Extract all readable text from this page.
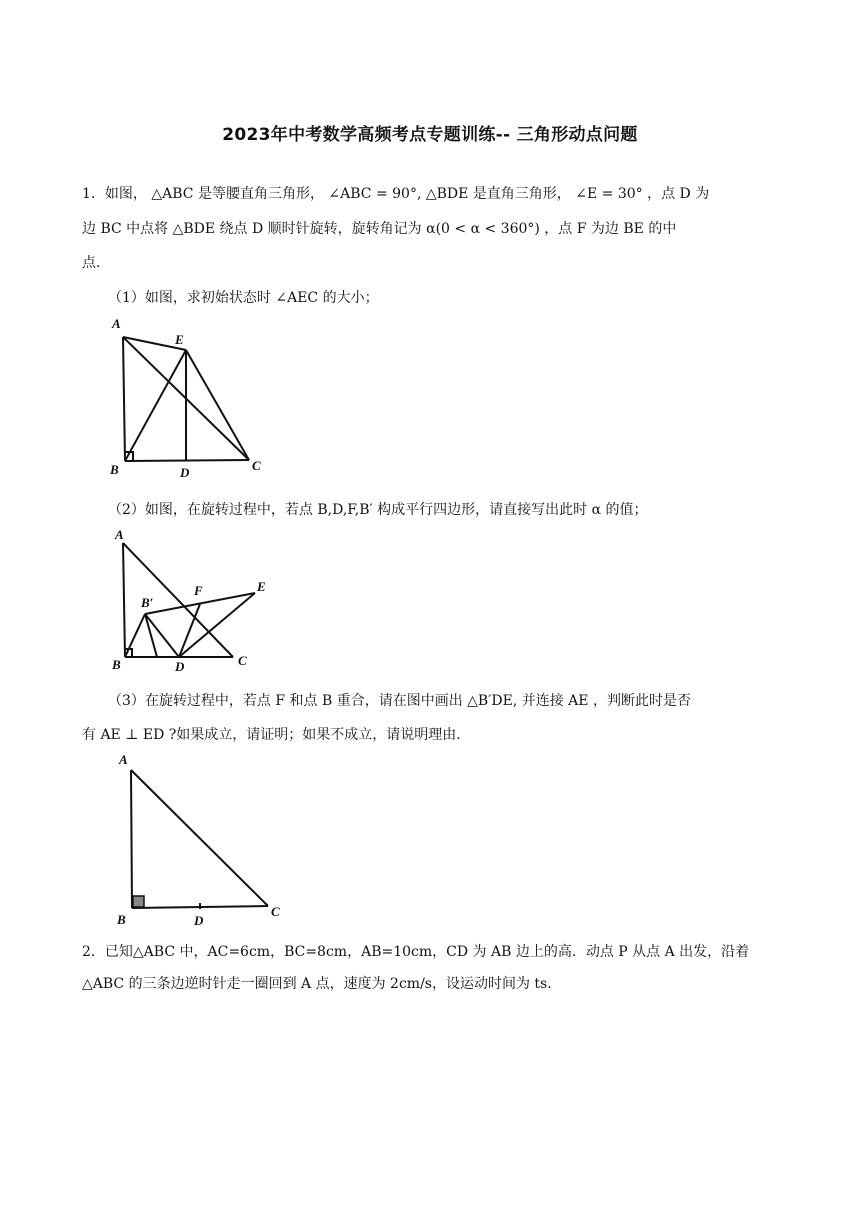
2023年中考数学高频考点专题训练-- 三角形动点问题
1．如图， △ABC 是等腰直角三角形， ∠ABC = 90°, △BDE 是直角三角形， ∠E = 30° ，点 D 为
边 BC 中点将 △BDE 绕点 D 顺时针旋转，旋转角记为 α(0 < α < 360°) ，点 F 为边 BE 的中
点．
（1）如图，求初始状态时 ∠AEC 的大小；
A
E
B	D	C
（2）如图，在旋转过程中，若点 B,D,F,B′ 构成平行四边形，请直接写出此时 α 的值；
A
B′
F	E
B	D	C
（3）在旋转过程中，若点 F 和点 B 重合，请在图中画出 △B′DE, 并连接 AE ，判断此时是否
有 AE ⊥ ED ?如果成立，请证明；如果不成立，请说明理由．
A
B	D
C
2．已知△ABC 中，AC=6cm，BC=8cm，AB=10cm，CD 为 AB 边上的高．动点 P 从点 A 出发，沿着
△ABC 的三条边逆时针走一圈回到 A 点，速度为 2cm/s，设运动时间为 ts.
